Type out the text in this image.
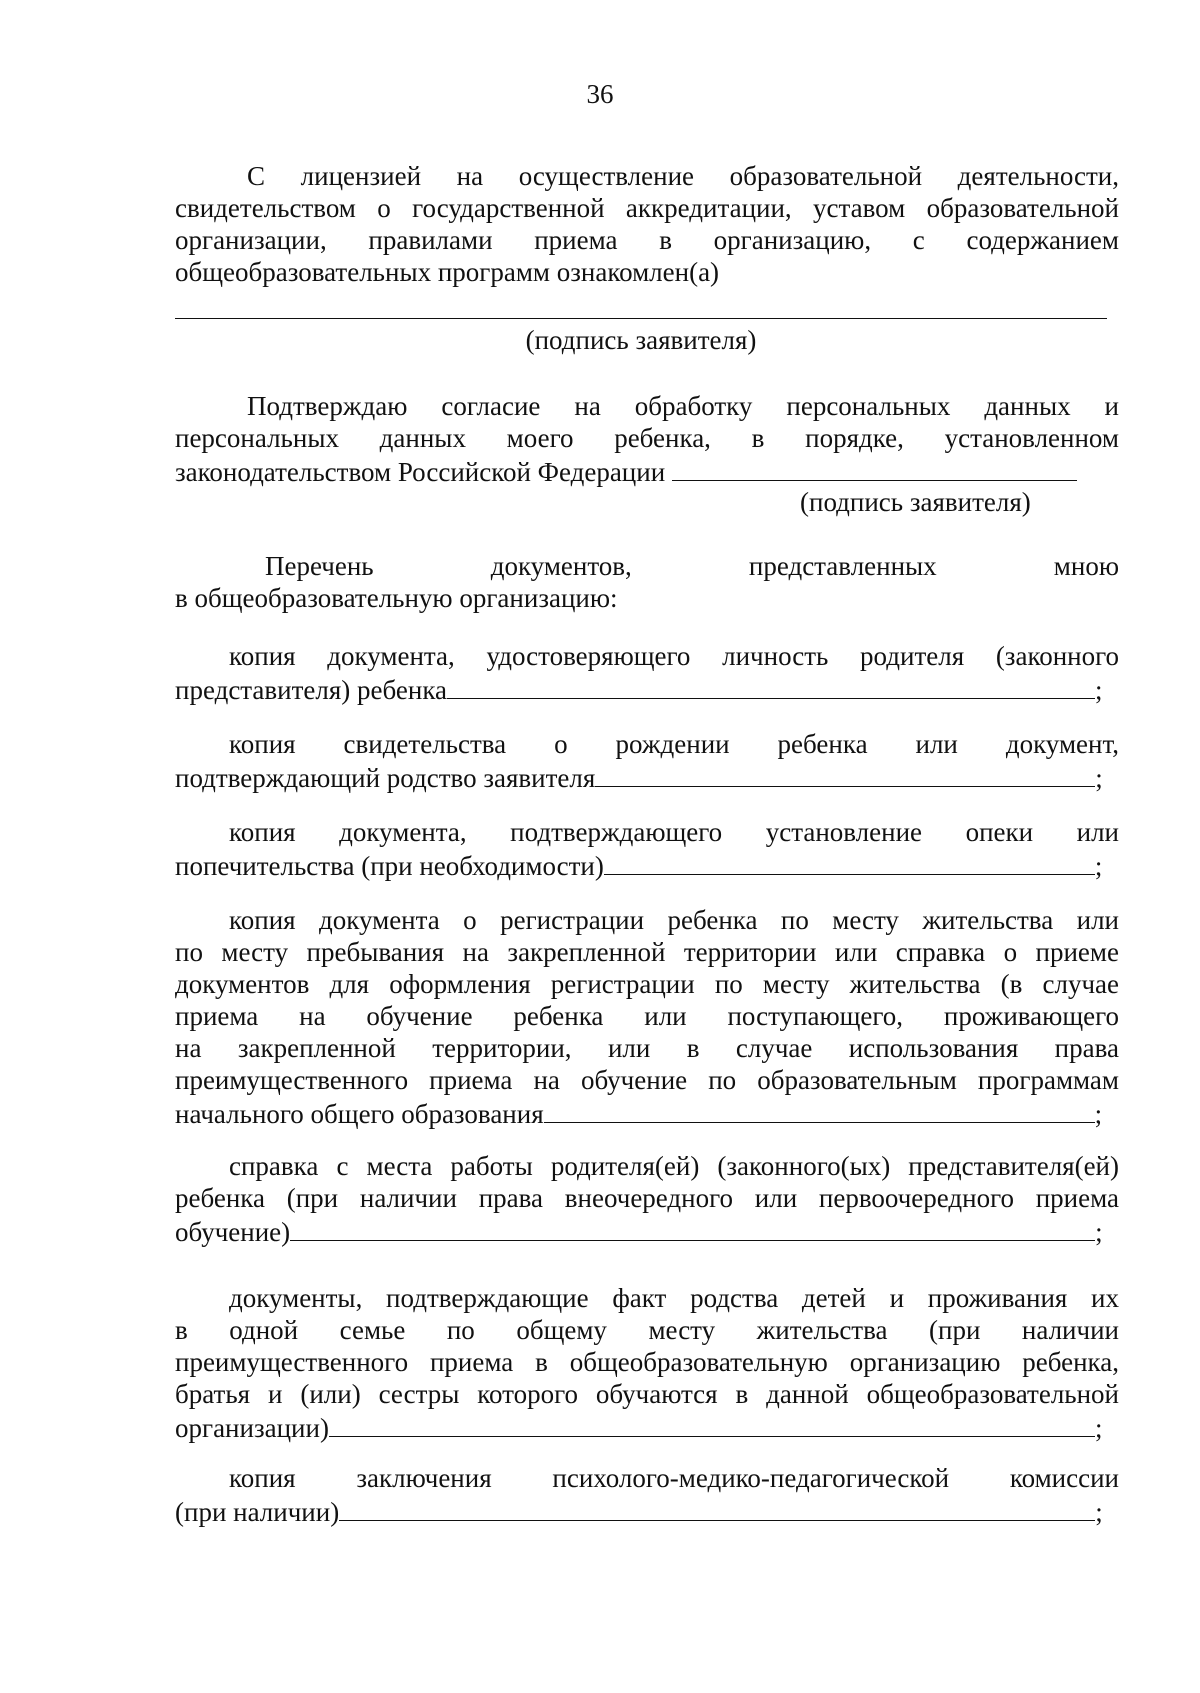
36

С лицензией на осуществление образовательной деятельности,

свидетельством о государственной аккредитации, уставом образовательной

организации, правилами приема в организацию, с содержанием

общеобразовательных программ ознакомлен(а)

(подпись заявителя)

Подтверждаю согласие на обработку персональных данных и

персональных данных моего ребенка, в порядке, установленном

законодательством Российской Федерации

(подпись заявителя)

Перечень документов, представленных мною

в общеобразовательную организацию:

копия документа, удостоверяющего личность родителя (законного

представителя) ребенка	;

копия свидетельства о рождении ребенка или документ,

подтверждающий родство заявителя	;

копия документа, подтверждающего установление опеки или

попечительства (при необходимости)	;

копия документа о регистрации ребенка по месту жительства или

по месту пребывания на закрепленной территории или справка о приеме

документов для оформления регистрации по месту жительства (в случае

приема на обучение ребенка или поступающего, проживающего

на закрепленной территории, или в случае использования права

преимущественного приема на обучение по образовательным программам

начального общего образования	;

справка с места работы родителя(ей) (законного(ых) представителя(ей)

ребенка (при наличии права внеочередного или первоочередного приема

обучение)	;

документы, подтверждающие факт родства детей и проживания их

в одной семье по общему месту жительства (при наличии

преимущественного приема в общеобразовательную организацию ребенка,

братья и (или) сестры которого обучаются в данной общеобразовательной

организации)	;

копия заключения психолого-медико-педагогической комиссии

(при наличии)	;
